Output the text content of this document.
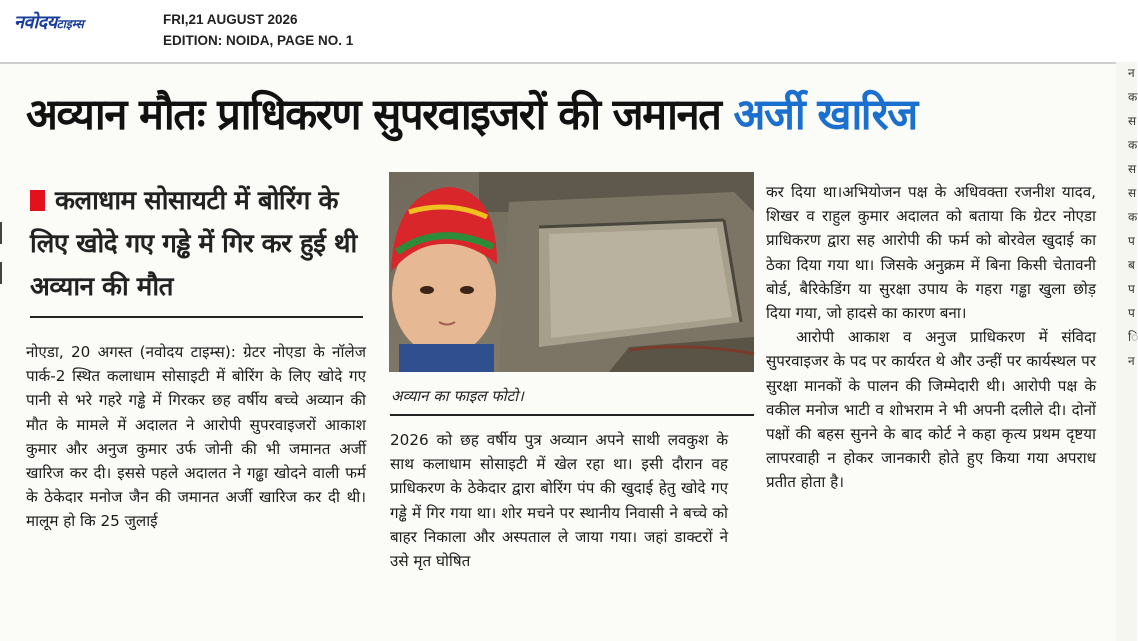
नवोदयटाइम्स	FRI,21 AUGUST 2026
EDITION: NOIDA, PAGE NO. 1
न
क
स
क
स
स
क
प
ब
प
प
ि
न
अव्यान मौतः प्राधिकरण सुपरवाइजरों की जमानत अर्जी खारिज
कलाधाम सोसायटी में बोरिंग के लिए खोदे गए गड्ढे में गिर कर हुई थी अव्यान की मौत

नोएडा, 20 अगस्त (नवोदय टाइम्स): ग्रेटर नोएडा के नॉलेज पार्क-2 स्थित कलाधाम सोसाइटी में बोरिंग के लिए खोदे गए पानी से भरे गहरे गड्ढे में गिरकर छह वर्षीय बच्चे अव्यान की मौत के मामले में अदालत ने आरोपी सुपरवाइजरों आकाश कुमार और अनुज कुमार उर्फ जोनी की भी जमानत अर्जी खारिज कर दी। इससे पहले अदालत ने गढ्ढा खोदने वाली फर्म के ठेकेदार मनोज जैन की जमानत अर्जी खारिज कर दी थी। मालूम हो कि 25 जुलाई

अव्यान का फाइल फोटो।

2026 को छह वर्षीय पुत्र अव्यान अपने साथी लवकुश के साथ कलाधाम सोसाइटी में खेल रहा था। इसी दौरान वह प्राधिकरण के ठेकेदार द्वारा बोरिंग पंप की खुदाई हेतु खोदे गए गड्ढे में गिर गया था। शोर मचने पर स्थानीय निवासी ने बच्चे को बाहर निकाला और अस्पताल ले जाया गया। जहां डाक्टरों ने उसे मृत घोषित

कर दिया था।अभियोजन पक्ष के अधिवक्ता रजनीश यादव, शिखर व राहुल कुमार अदालत को बताया कि ग्रेटर नोएडा प्राधिकरण द्वारा सह आरोपी की फर्म को बोरवेल खुदाई का ठेका दिया गया था। जिसके अनुक्रम में बिना किसी चेतावनी बोर्ड, बैरिकेडिंग या सुरक्षा उपाय के गहरा गड्ढा खुला छोड़ दिया गया, जो हादसे का कारण बना।

आरोपी आकाश व अनुज प्राधिकरण में संविदा सुपरवाइजर के पद पर कार्यरत थे और उन्हीं पर कार्यस्थल पर सुरक्षा मानकों के पालन की जिम्मेदारी थी। आरोपी पक्ष के वकील मनोज भाटी व शोभराम ने भी अपनी दलीले दी। दोनों पक्षों की बहस सुनने के बाद कोर्ट ने कहा कृत्य प्रथम दृष्टया लापरवाही न होकर जानकारी होते हुए किया गया अपराध प्रतीत होता है।
